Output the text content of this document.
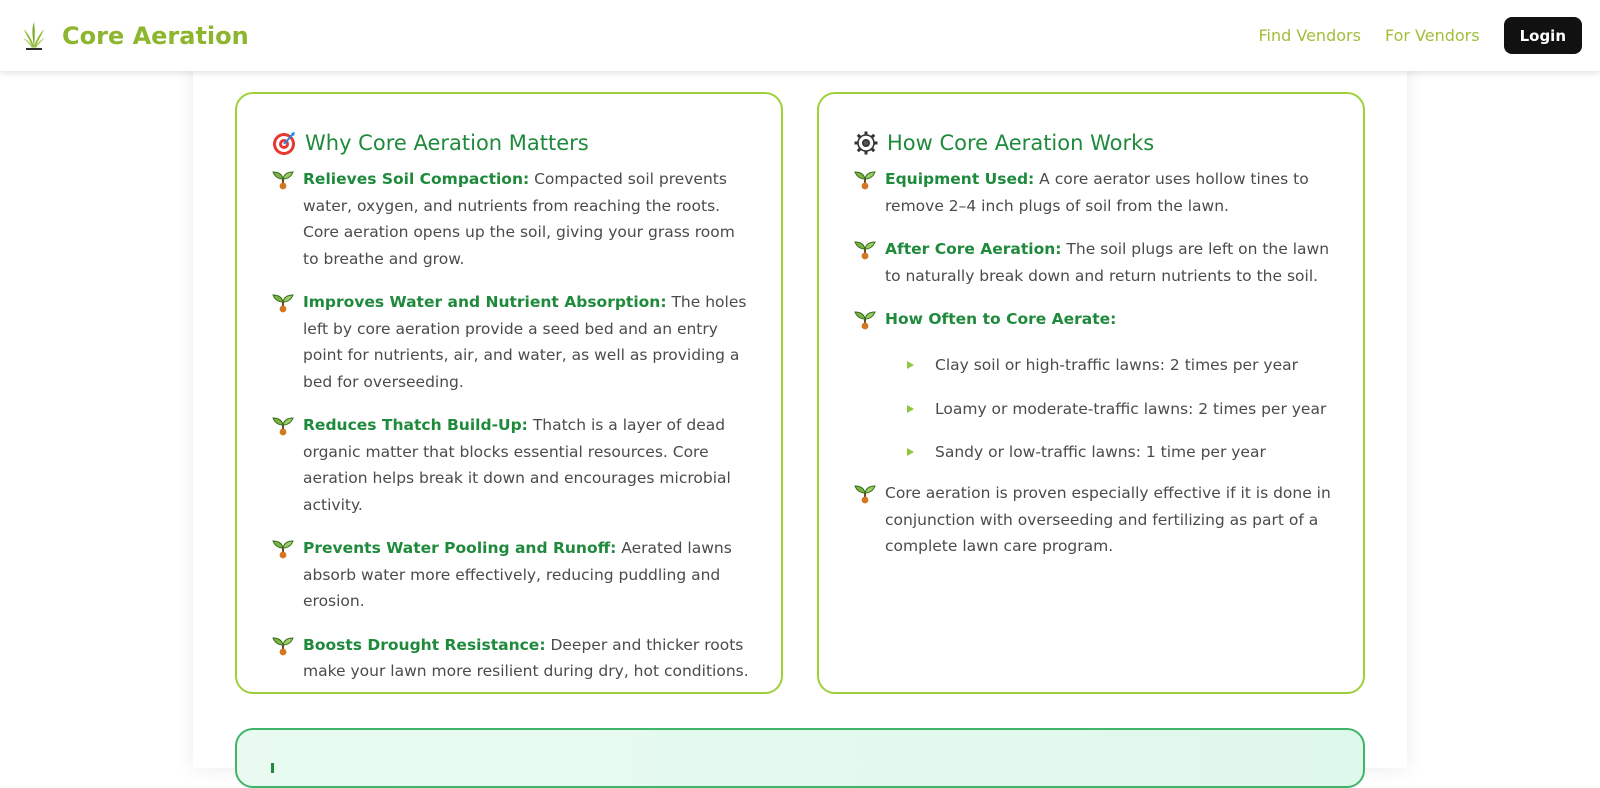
Core Aeration	Find Vendors For Vendors	Login
Why Core Aeration Matters

Relieves Soil Compaction: Compacted soil prevents water, oxygen, and nutrients from reaching the roots. Core aeration opens up the soil, giving your grass room to breathe and grow.

Improves Water and Nutrient Absorption: The holes left by core aeration provide a seed bed and an entry point for nutrients, air, and water, as well as providing a bed for overseeding.

Reduces Thatch Build-Up: Thatch is a layer of dead organic matter that blocks essential resources. Core aeration helps break it down and encourages microbial activity.

Prevents Water Pooling and Runoff: Aerated lawns absorb water more effectively, reducing puddling and erosion.

Boosts Drought Resistance: Deeper and thicker roots make your lawn more resilient during dry, hot conditions.

How Core Aeration Works

Equipment Used: A core aerator uses hollow tines to remove 2–4 inch plugs of soil from the lawn.

After Core Aeration: The soil plugs are left on the lawn to naturally break down and return nutrients to the soil.

How Often to Core Aerate:

Clay soil or high-traffic lawns: 2 times per year
Loamy or moderate-traffic lawns: 2 times per year
Sandy or low-traffic lawns: 1 time per year

Core aeration is proven especially effective if it is done in conjunction with overseeding and fertilizing as part of a complete lawn care program.
